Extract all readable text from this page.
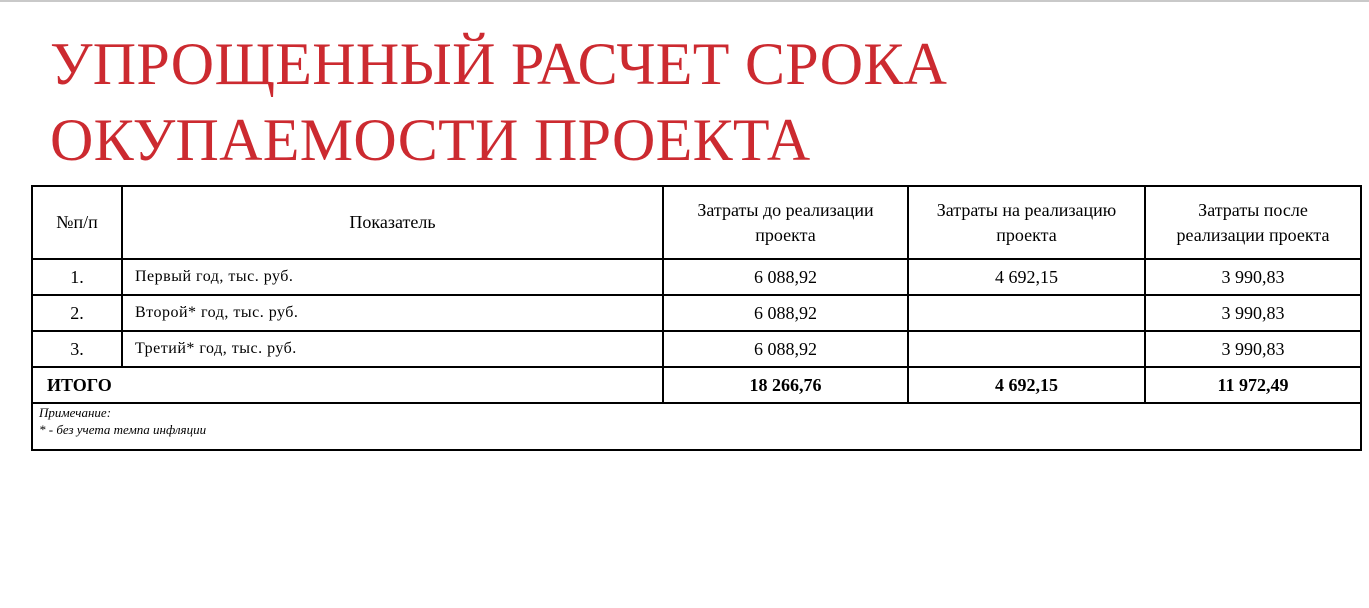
УПРОЩЕННЫЙ РАСЧЕТ СРОКА
ОКУПАЕМОСТИ ПРОЕКТА
№п/п	Показатель	Затраты до реализации проекта	Затраты на реализацию проекта	Затраты после реализации проекта
1.	Первый год, тыс. руб.	6 088,92	4 692,15	3 990,83
2.	Второй* год, тыс. руб.	6 088,92		3 990,83
3.	Третий* год, тыс. руб.	6 088,92		3 990,83
ИТОГО		18 266,76	4 692,15	11 972,49

Примечание:
* - без учета темпа инфляции				
